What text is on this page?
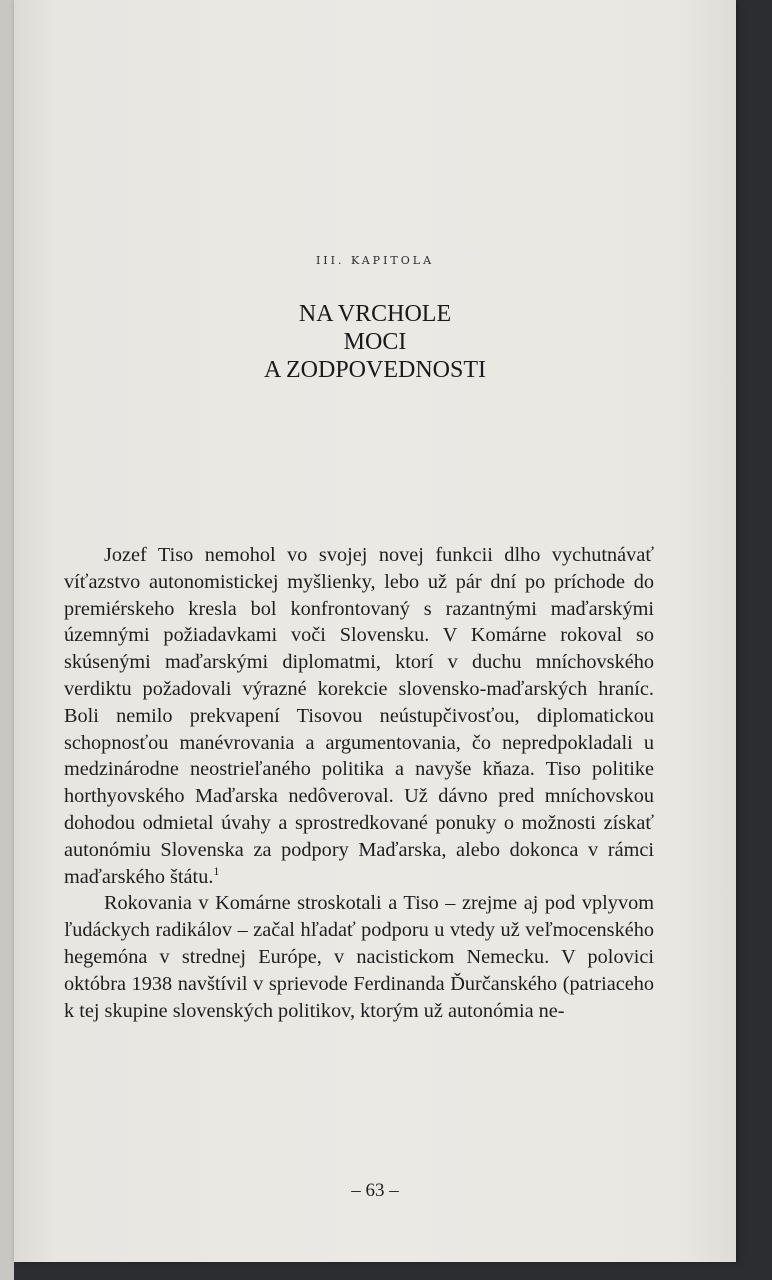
III. KAPITOLA
NA VRCHOLE
MOCI
A ZODPOVEDNOSTI

Jozef Tiso nemohol vo svojej novej funkcii dlho vychutnávať víťazstvo autonomistickej myšlienky, lebo už pár dní po príchode do premiérskeho kresla bol konfrontovaný s razantnými maďarskými územnými požiadavkami voči Slovensku. V Komárne rokoval so skúsenými maďarskými diplomatmi, ktorí v duchu mníchovského verdiktu požadovali výrazné korekcie slovensko-maďarských hraníc. Boli nemilo prekvapení Tisovou neústupčivosťou, diplomatickou schopnosťou manévrovania a argumentovania, čo nepredpokladali u medzinárodne neostrieľaného politika a navyše kňaza. Tiso politike horthyovského Maďarska nedôveroval. Už dávno pred mníchovskou dohodou odmietal úvahy a sprostredkované ponuky o možnosti získať autonómiu Slovenska za podpory Maďarska, alebo dokonca v rámci maďarského štátu.$^1$

Rokovania v Komárne stroskotali a Tiso – zrejme aj pod vplyvom ľudáckych radikálov – začal hľadať podporu u vtedy už veľmocenského hegemóna v strednej Európe, v nacistickom Nemecku. V polovici októbra 1938 navštívil v sprievode Ferdinanda Ďurčanského (patriaceho k tej skupine slovenských politikov, ktorým už autonómia ne-

– 63 –
